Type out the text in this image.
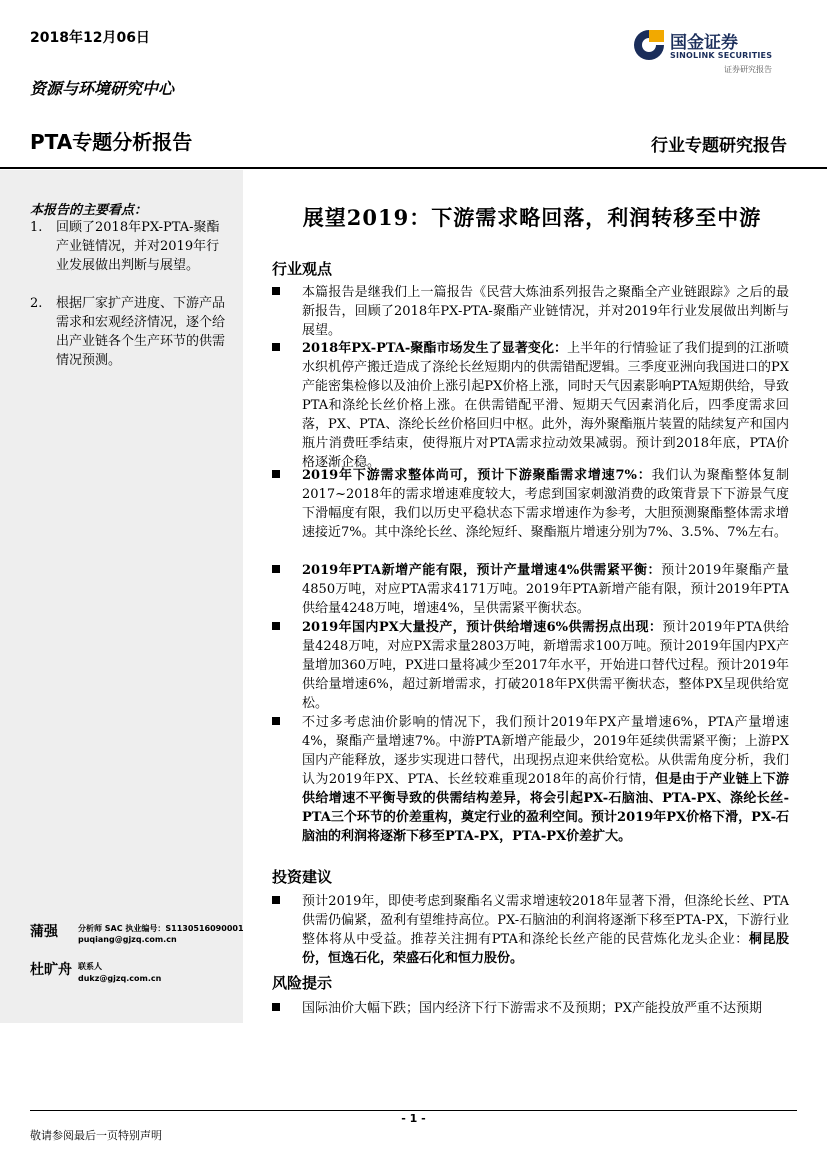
2018年12月06日
资源与环境研究中心
PTA专题分析报告	行业专题研究报告
国金证券
SINOLINK SECURITIES
证券研究报告
本报告的主要看点：
1. 回顾了2018年PX-PTA-聚酯产业链情况，并对2019年行业发展做出判断与展望。
2. 根据厂家扩产进度、下游产品需求和宏观经济情况，逐个给出产业链各个生产环节的供需情况预测。
蒲强	分析师 SAC 执业编号：S1130516090001
puqiang@gjzq.com.cn
杜旷舟 联系人
dukz@gjzq.com.cn
展望2019：下游需求略回落，利润转移至中游
行业观点
本篇报告是继我们上一篇报告《民营大炼油系列报告之聚酯全产业链跟踪》之后的最新报告，回顾了2018年PX-PTA-聚酯产业链情况，并对2019年行业发展做出判断与展望。
2018年PX-PTA-聚酯市场发生了显著变化：上半年的行情验证了我们提到的江浙喷水织机停产搬迁造成了涤纶长丝短期内的供需错配逻辑。三季度亚洲向我国进口的PX产能密集检修以及油价上涨引起PX价格上涨，同时天气因素影响PTA短期供给，导致PTA和涤纶长丝价格上涨。在供需错配平滑、短期天气因素消化后，四季度需求回落，PX、PTA、涤纶长丝价格回归中枢。此外，海外聚酯瓶片装置的陆续复产和国内瓶片消费旺季结束，使得瓶片对PTA需求拉动效果减弱。预计到2018年底，PTA价格逐渐企稳。
2019年下游需求整体尚可，预计下游聚酯需求增速7%：我们认为聚酯整体复制2017~2018年的需求增速难度较大，考虑到国家刺激消费的政策背景下下游景气度下滑幅度有限，我们以历史平稳状态下需求增速作为参考，大胆预测聚酯整体需求增速接近7%。其中涤纶长丝、涤纶短纤、聚酯瓶片增速分别为7%、3.5%、7%左右。
2019年PTA新增产能有限，预计产量增速4%供需紧平衡：预计2019年聚酯产量4850万吨，对应PTA需求4171万吨。2019年PTA新增产能有限，预计2019年PTA供给量4248万吨，增速4%，呈供需紧平衡状态。
2019年国内PX大量投产，预计供给增速6%供需拐点出现：预计2019年PTA供给量4248万吨，对应PX需求量2803万吨，新增需求100万吨。预计2019年国内PX产量增加360万吨，PX进口量将减少至2017年水平，开始进口替代过程。预计2019年供给量增速6%，超过新增需求，打破2018年PX供需平衡状态，整体PX呈现供给宽松。
不过多考虑油价影响的情况下，我们预计2019年PX产量增速6%，PTA产量增速4%，聚酯产量增速7%。中游PTA新增产能最少，2019年延续供需紧平衡；上游PX国内产能释放，逐步实现进口替代，出现拐点迎来供给宽松。从供需角度分析，我们认为2019年PX、PTA、长丝较难重现2018年的高价行情，但是由于产业链上下游供给增速不平衡导致的供需结构差异，将会引起PX-石脑油、PTA-PX、涤纶长丝-PTA三个环节的价差重构，奠定行业的盈利空间。预计2019年PX价格下滑，PX-石脑油的利润将逐渐下移至PTA-PX，PTA-PX价差扩大。
投资建议
预计2019年，即使考虑到聚酯名义需求增速较2018年显著下滑，但涤纶长丝、PTA供需仍偏紧，盈利有望维持高位。PX-石脑油的利润将逐渐下移至PTA-PX，下游行业整体将从中受益。推荐关注拥有PTA和涤纶长丝产能的民营炼化龙头企业：桐昆股份，恒逸石化，荣盛石化和恒力股份。
风险提示
国际油价大幅下跌；国内经济下行下游需求不及预期；PX产能投放严重不达预期
- 1 -
敬请参阅最后一页特别声明
